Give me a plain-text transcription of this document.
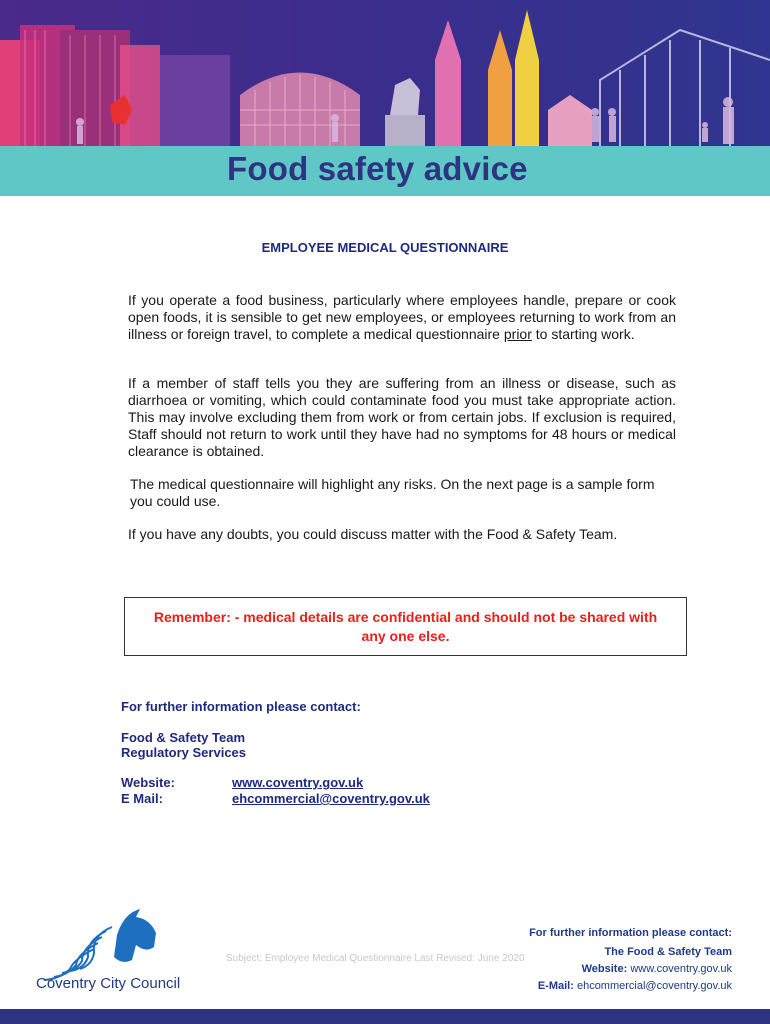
Food safety advice
EMPLOYEE MEDICAL QUESTIONNAIRE

If you operate a food business, particularly where employees handle, prepare or cook open foods, it is sensible to get new employees, or employees returning to work from an illness or foreign travel, to complete a medical questionnaire prior to starting work.

If a member of staff tells you they are suffering from an illness or disease, such as diarrhoea or vomiting, which could contaminate food you must take appropriate action. This may involve excluding them from work or from certain jobs. If exclusion is required, Staff should not return to work until they have had no symptoms for 48 hours or medical clearance is obtained.

The medical questionnaire will highlight any risks. On the next page is a sample form you could use.

If you have any doubts, you could discuss matter with the Food & Safety Team.

Remember: - medical details are confidential and should not be shared with any one else.
For further information please contact:
Food & Safety Team
Regulatory Services
Website:	www.coventry.gov.uk
E Mail:	ehcommercial@coventry.gov.uk
Coventry City Council
Subject: Employee Medical Questionnaire Last Revised: June 2020
For further information please contact:
The Food & Safety Team
Website: www.coventry.gov.uk
E-Mail: ehcommercial@coventry.gov.uk
